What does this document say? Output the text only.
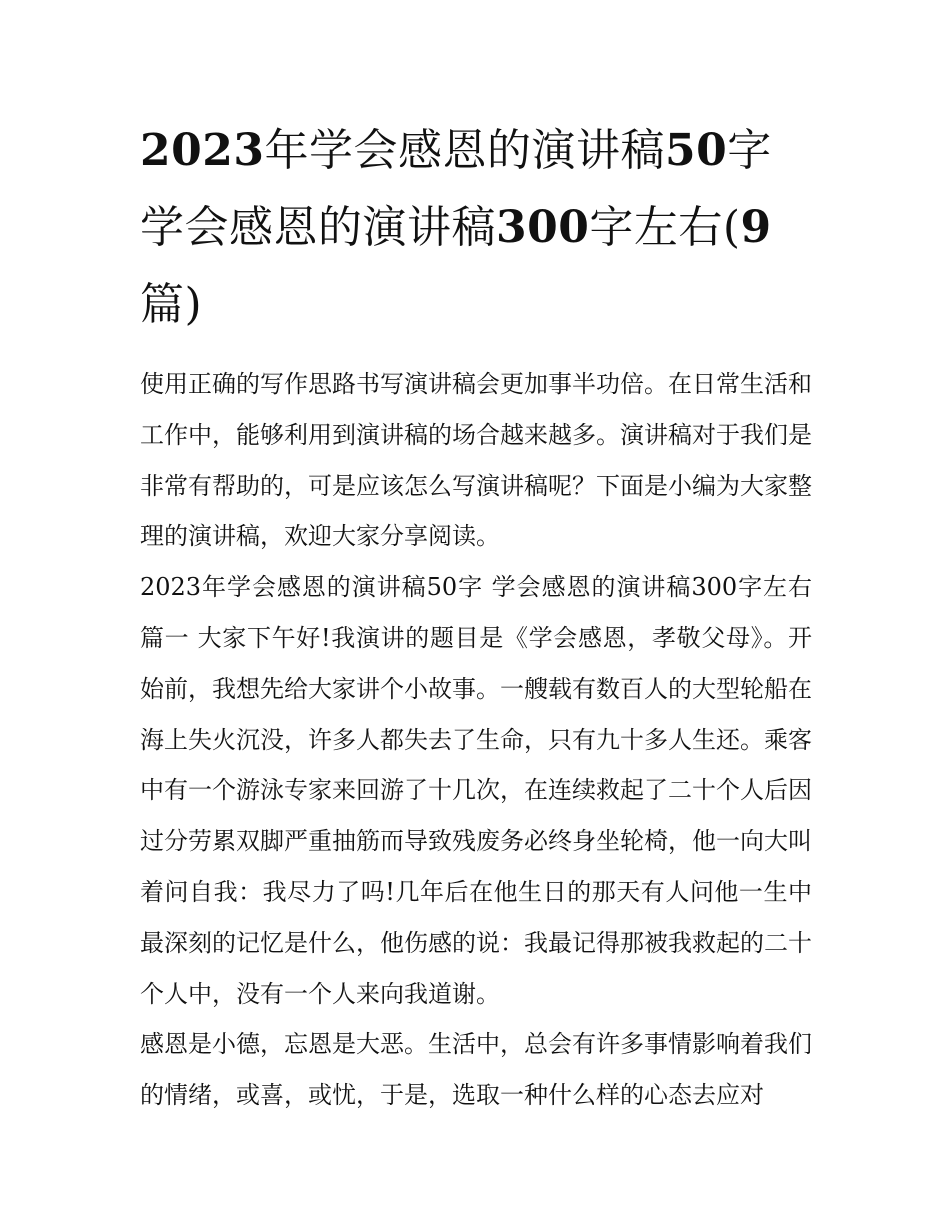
2023年学会感恩的演讲稿50字 学会感恩的演讲稿300字左右(9篇)

使用正确的写作思路书写演讲稿会更加事半功倍。在日常生活和工作中，能够利用到演讲稿的场合越来越多。演讲稿对于我们是非常有帮助的，可是应该怎么写演讲稿呢？下面是小编为大家整理的演讲稿，欢迎大家分享阅读。

2023年学会感恩的演讲稿50字 学会感恩的演讲稿300字左右篇一 大家下午好!我演讲的题目是《学会感恩，孝敬父母》。开始前，我想先给大家讲个小故事。一艘载有数百人的大型轮船在海上失火沉没，许多人都失去了生命，只有九十多人生还。乘客中有一个游泳专家来回游了十几次，在连续救起了二十个人后因过分劳累双脚严重抽筋而导致残废务必终身坐轮椅，他一向大叫着问自我：我尽力了吗!几年后在他生日的那天有人问他一生中最深刻的记忆是什么，他伤感的说：我最记得那被我救起的二十个人中，没有一个人来向我道谢。

感恩是小德，忘恩是大恶。生活中，总会有许多事情影响着我们的情绪，或喜，或忧，于是，选取一种什么样的心态去应对
